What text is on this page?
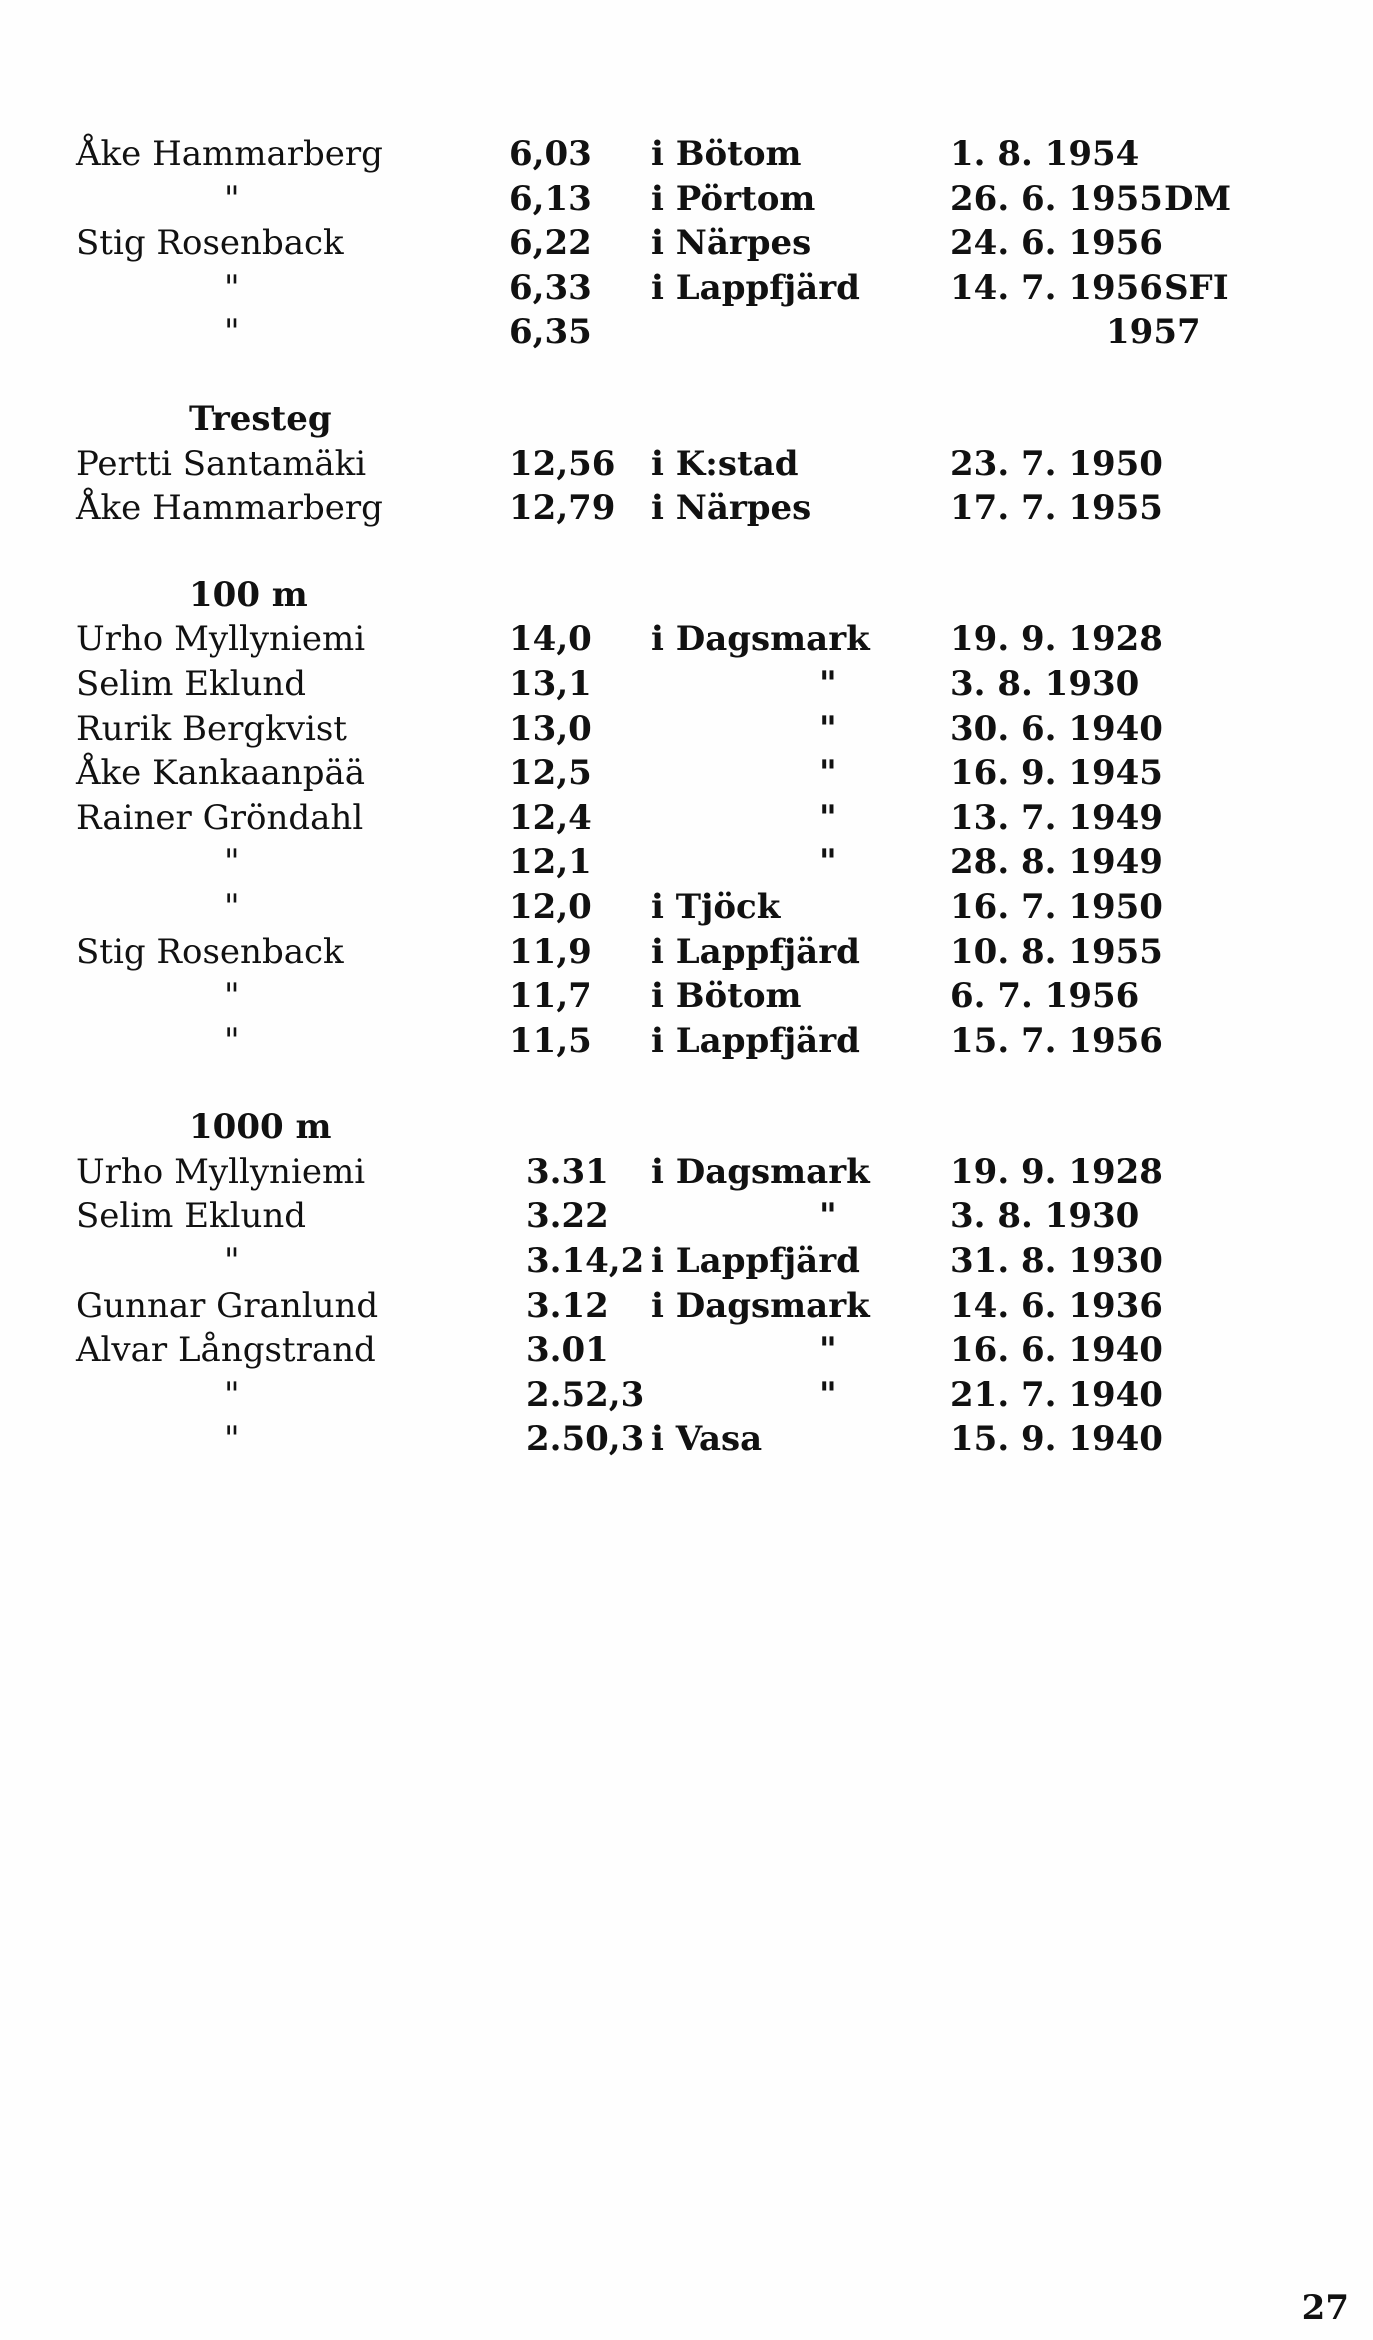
Åke Hammarberg	6,03 i Bötom	1. 8. 1954
"	6,13 i Pörtom	26. 6. 1955 DM
Stig Rosenback	6,22 i Närpes	24. 6. 1956
"	6,33 i Lappfjärd	14. 7. 1956 SFI
"	6,35	1957
Tresteg
Pertti Santamäki	12,56 i K:stad	23. 7. 1950
Åke Hammarberg	12,79 i Närpes	17. 7. 1955
100 m
Urho Myllyniemi	14,0 i Dagsmark 19. 9. 1928
Selim Eklund	13,1	"	3. 8. 1930
Rurik Bergkvist	13,0	"	30. 6. 1940
Åke Kankaanpää	12,5	"	16. 9. 1945
Rainer Gröndahl	12,4	"	13. 7. 1949
"	12,1	"	28. 8. 1949
"	12,0 i Tjöck	16. 7. 1950
Stig Rosenback	11,9 i Lappfjärd	10. 8. 1955
"	11,7 i Bötom	6. 7. 1956
"	11,5 i Lappfjärd	15. 7. 1956
1000 m
Urho Myllyniemi	3.31 i Dagsmark 19. 9. 1928
Selim Eklund	3.22	"	3. 8. 1930
"	3.14,2 i Lappfjärd	31. 8. 1930
Gunnar Granlund	3.12 i Dagsmark 14. 6. 1936
Alvar Långstrand	3.01	"	16. 6. 1940
"	2.52,3	"	21. 7. 1940
"	2.50,3 i Vasa	15. 9. 1940
27
